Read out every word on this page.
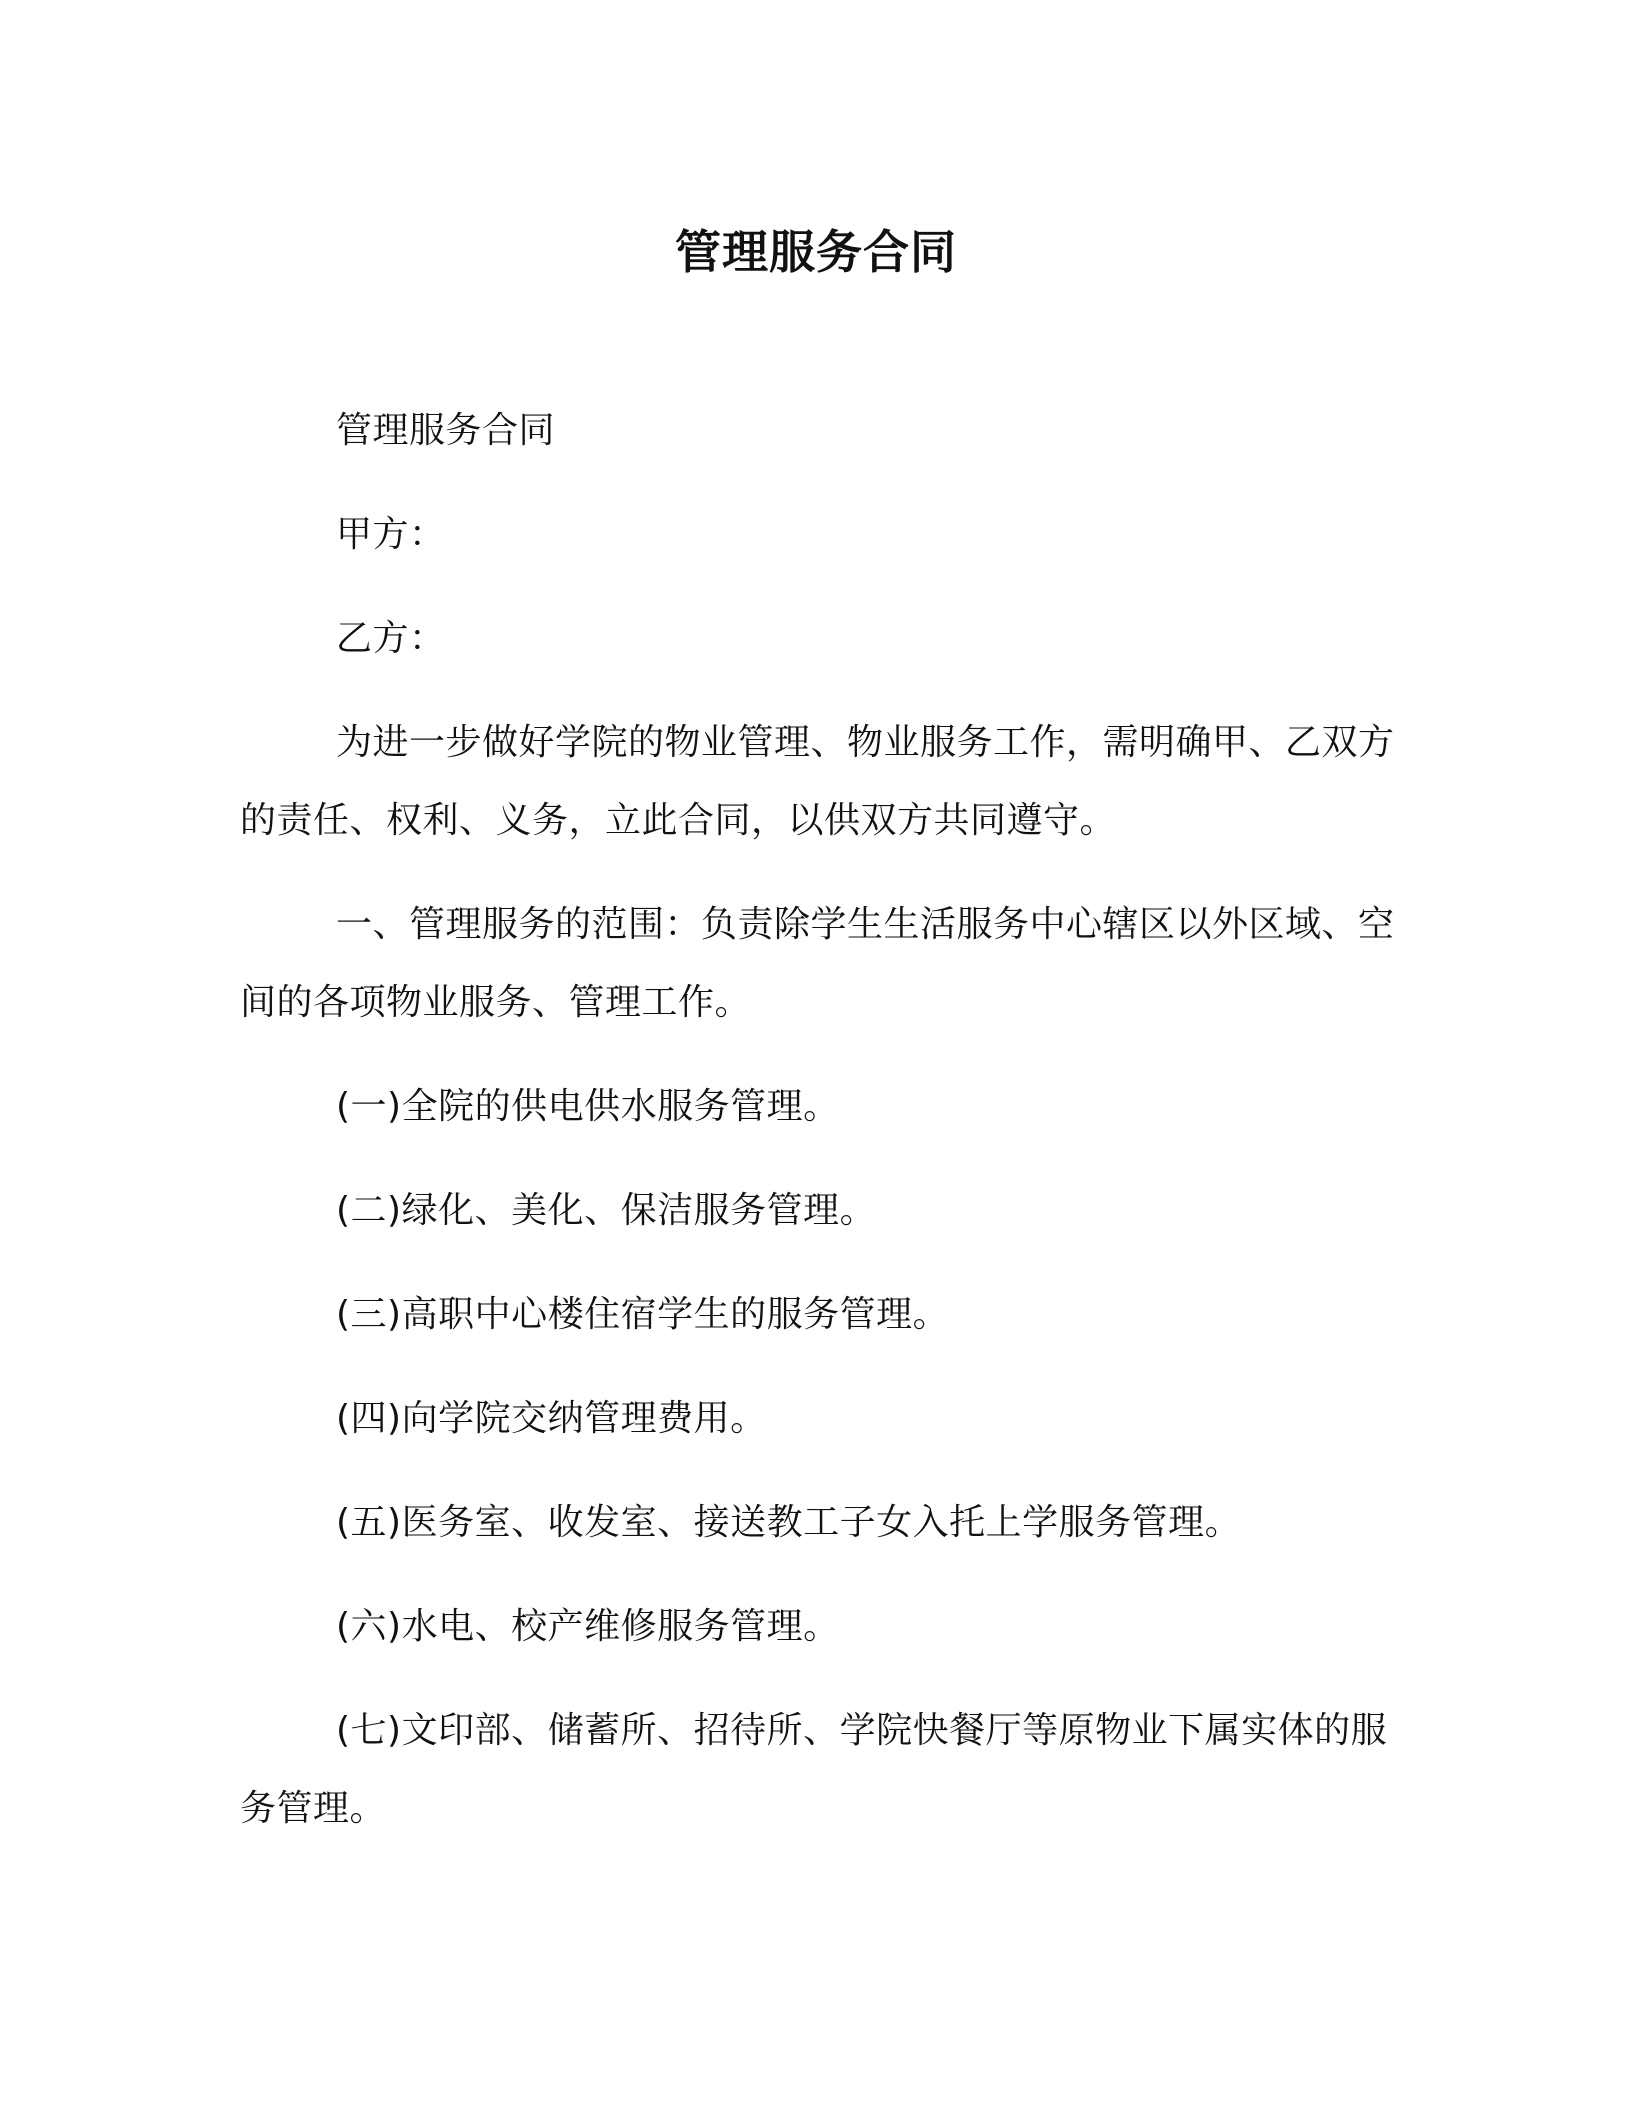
管理服务合同

管理服务合同

甲方：

乙方：

为进一步做好学院的物业管理、物业服务工作，需明确甲、乙双方的责任、权利、义务，立此合同，以供双方共同遵守。

一、管理服务的范围：负责除学生生活服务中心辖区以外区域、空间的各项物业服务、管理工作。

(一)全院的供电供水服务管理。

(二)绿化、美化、保洁服务管理。

(三)高职中心楼住宿学生的服务管理。

(四)向学院交纳管理费用。

(五)医务室、收发室、接送教工子女入托上学服务管理。

(六)水电、校产维修服务管理。

(七)文印部、储蓄所、招待所、学院快餐厅等原物业下属实体的服务管理。
